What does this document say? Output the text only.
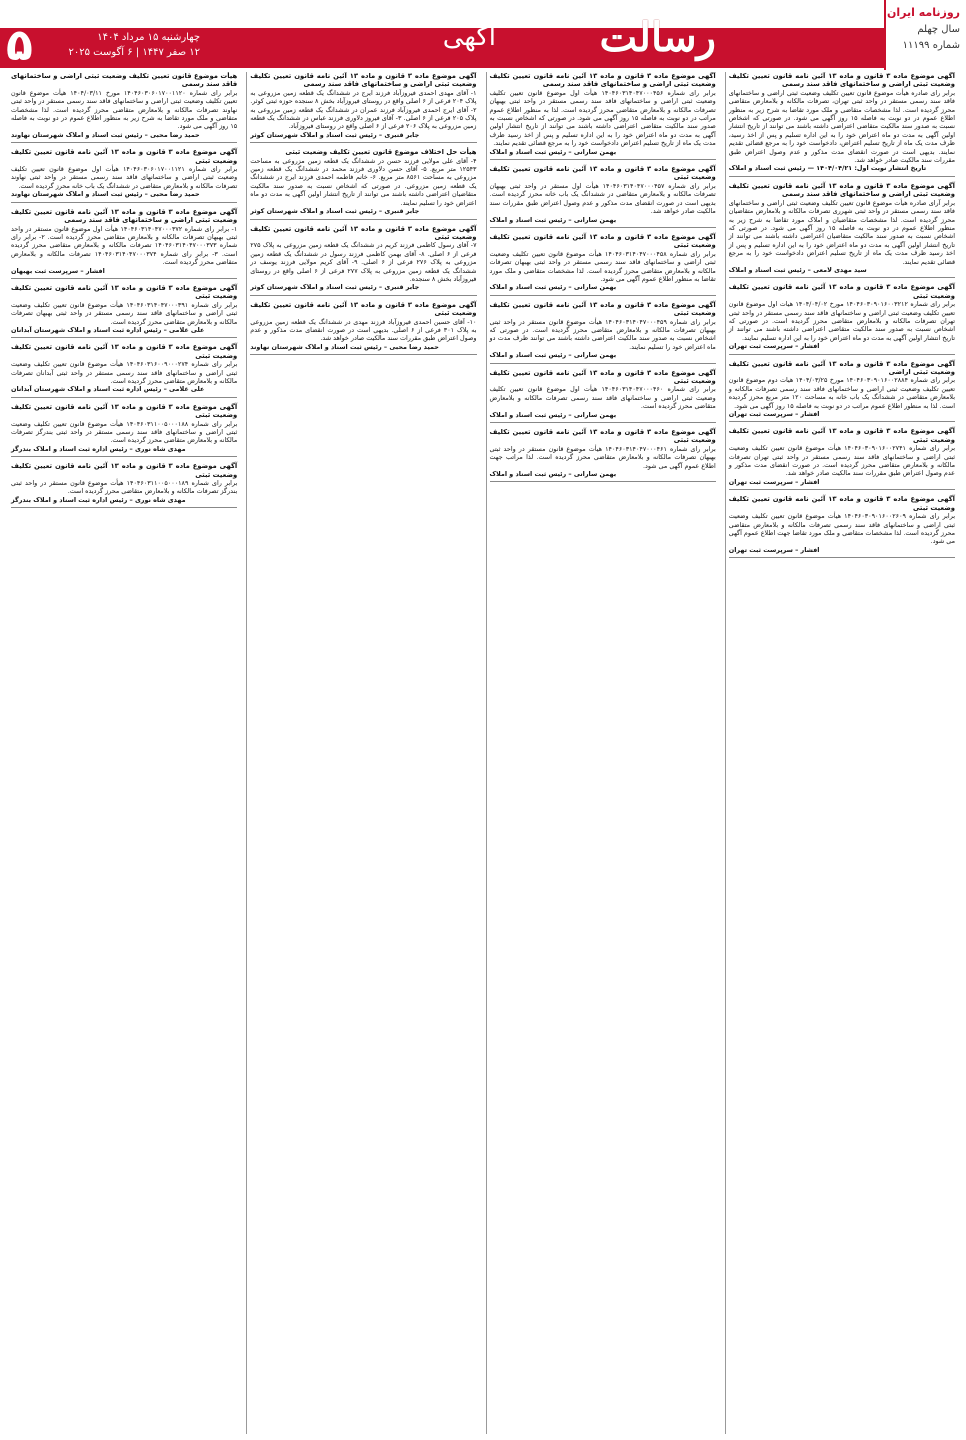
روزنامه ایران
سال چهلم
شماره ۱۱۱۹۹
رسالت
آگهی
چهارشنبه ۱۵ مرداد ۱۴۰۴
۱۲ صفر ۱۴۴۷ | ۶ آگوست ۲۰۲۵
۵
آگهی موضوع ماده ۳ قانون و ماده ۱۳ آئین نامه قانون تعیین تکلیف وضعیت ثبتی اراضی و ساختمانهای فاقد سند رسمی
برابر رای صادره هیأت موضوع قانون تعیین تکلیف وضعیت ثبتی اراضی و ساختمانهای فاقد سند رسمی مستقر در واحد ثبتی تهران، تصرفات مالکانه و بلامعارض متقاضی محرز گردیده است. لذا مشخصات متقاضی و ملک مورد تقاضا به شرح زیر به منظور اطلاع عموم در دو نوبت به فاصله ۱۵ روز آگهی می شود. در صورتی که اشخاص نسبت به صدور سند مالکیت متقاضی اعتراضی داشته باشند می توانند از تاریخ انتشار اولین آگهی به مدت دو ماه اعتراض خود را به این اداره تسلیم و پس از اخذ رسید، ظرف مدت یک ماه از تاریخ تسلیم اعتراض، دادخواست خود را به مرجع قضائی تقدیم نمایند. بدیهی است در صورت انقضای مدت مذکور و عدم وصول اعتراض طبق مقررات سند مالکیت صادر خواهد شد.
تاریخ انتشار نوبت اول: ۱۴۰۴/۰۴/۲۱ — رئیس ثبت اسناد و املاک
آگهی موضوع ماده ۳ قانون و ماده ۱۳ آئین نامه قانون تعیین تکلیف وضعیت ثبتی اراضی و ساختمانهای فاقد سند رسمی
برابر آرای صادره هیأت موضوع قانون تعیین تکلیف وضعیت ثبتی اراضی و ساختمانهای فاقد سند رسمی مستقر در واحد ثبتی شهرری تصرفات مالکانه و بلامعارض متقاضیان محرز گردیده است. لذا مشخصات متقاضیان و املاک مورد تقاضا به شرح زیر به منظور اطلاع عموم در دو نوبت به فاصله ۱۵ روز آگهی می شود. در صورتی که اشخاص نسبت به صدور سند مالکیت متقاضیان اعتراضی داشته باشند می توانند از تاریخ انتشار اولین آگهی به مدت دو ماه اعتراض خود را به این اداره تسلیم و پس از اخذ رسید ظرف مدت یک ماه از تاریخ تسلیم اعتراض دادخواست خود را به مرجع قضائی تقدیم نمایند.
سید مهدی لامعی – رئیس ثبت اسناد و املاک
آگهی موضوع ماده ۳ قانون و ماده ۱۳ آئین نامه قانون تعیین تکلیف وضعیت ثبتی
برابر رای شماره ۱۴۰۴۶۰۳۰۹۰۱۶۰۰۳۲۱۲ مورخ ۱۴۰۴/۰۴/۰۲ هیات اول موضوع قانون تعیین تکلیف وضعیت ثبتی اراضی و ساختمانهای فاقد سند رسمی مستقر در واحد ثبتی تهران تصرفات مالکانه و بلامعارض متقاضی محرز گردیده است. در صورتی که اشخاص نسبت به صدور سند مالکیت متقاضی اعتراضی داشته باشند می توانند از تاریخ انتشار اولین آگهی به مدت دو ماه اعتراض خود را به این اداره تسلیم نمایند.
افشار – سرپرست ثبت تهران
آگهی موضوع ماده ۳ قانون و ماده ۱۳ آئین نامه قانون تعیین تکلیف وضعیت ثبتی اراضی
برابر رای شماره ۱۴۰۴۶۰۳۰۹۰۱۶۰۰۲۸۸۴ مورخ ۱۴۰۴/۰۳/۲۵ هیات دوم موضوع قانون تعیین تکلیف وضعیت ثبتی اراضی و ساختمانهای فاقد سند رسمی تصرفات مالکانه و بلامعارض متقاضی در ششدانگ یک باب خانه به مساحت ۱۲۰ متر مربع محرز گردیده است. لذا به منظور اطلاع عموم مراتب در دو نوبت به فاصله ۱۵ روز آگهی می شود.
افشار – سرپرست ثبت تهران
آگهی موضوع ماده ۳ قانون و ماده ۱۳ آئین نامه قانون تعیین تکلیف وضعیت ثبتی
برابر رای شماره ۱۴۰۴۶۰۳۰۹۰۱۶۰۰۲۷۴۱ هیأت موضوع قانون تعیین تکلیف وضعیت ثبتی اراضی و ساختمانهای فاقد سند رسمی مستقر در واحد ثبتی تهران تصرفات مالکانه و بلامعارض متقاضی محرز گردیده است. در صورت انقضای مدت مذکور و عدم وصول اعتراض طبق مقررات سند مالکیت صادر خواهد شد.
افشار – سرپرست ثبت تهران
آگهی موضوع ماده ۳ قانون و ماده ۱۳ آئین نامه قانون تعیین تکلیف وضعیت ثبتی
برابر رای شماره ۱۴۰۴۶۰۳۰۹۰۱۶۰۰۲۶۰۹ هیأت موضوع قانون تعیین تکلیف وضعیت ثبتی اراضی و ساختمانهای فاقد سند رسمی تصرفات مالکانه و بلامعارض متقاضی محرز گردیده است. لذا مشخصات متقاضی و ملک مورد تقاضا جهت اطلاع عموم آگهی می شود.
افشار – سرپرست ثبت تهران
آگهی موضوع ماده ۳ قانون و ماده ۱۳ آئین نامه قانون تعیین تکلیف وضعیت ثبتی اراضی و ساختمانهای فاقد سند رسمی
برابر رای شماره ۱۴۰۴۶۰۳۱۴۰۴۷۰۰۰۴۵۶ هیأت اول موضوع قانون تعیین تکلیف وضعیت ثبتی اراضی و ساختمانهای فاقد سند رسمی مستقر در واحد ثبتی بهبهان تصرفات مالکانه و بلامعارض متقاضی محرز گردیده است. لذا به منظور اطلاع عموم مراتب در دو نوبت به فاصله ۱۵ روز آگهی می شود. در صورتی که اشخاص نسبت به صدور سند مالکیت متقاضی اعتراضی داشته باشند می توانند از تاریخ انتشار اولین آگهی به مدت دو ماه اعتراض خود را به این اداره تسلیم و پس از اخذ رسید ظرف مدت یک ماه از تاریخ تسلیم اعتراض دادخواست خود را به مرجع قضائی تقدیم نمایند.
بهمن سارانی – رئیس ثبت اسناد و املاک
آگهی موضوع ماده ۳ قانون و ماده ۱۳ آئین نامه قانون تعیین تکلیف وضعیت ثبتی
برابر رای شماره ۱۴۰۴۶۰۳۱۴۰۴۷۰۰۰۴۵۷ هیأت اول مستقر در واحد ثبتی بهبهان تصرفات مالکانه و بلامعارض متقاضی در ششدانگ یک باب خانه محرز گردیده است. بدیهی است در صورت انقضای مدت مذکور و عدم وصول اعتراض طبق مقررات سند مالکیت صادر خواهد شد.
بهمن سارانی – رئیس ثبت اسناد و املاک
آگهی موضوع ماده ۳ قانون و ماده ۱۳ آئین نامه قانون تعیین تکلیف وضعیت ثبتی
برابر رای شماره ۱۴۰۴۶۰۳۱۴۰۴۷۰۰۰۴۵۸ هیأت موضوع قانون تعیین تکلیف وضعیت ثبتی اراضی و ساختمانهای فاقد سند رسمی مستقر در واحد ثبتی بهبهان تصرفات مالکانه و بلامعارض متقاضی محرز گردیده است. لذا مشخصات متقاضی و ملک مورد تقاضا به منظور اطلاع عموم آگهی می شود.
بهمن سارانی – رئیس ثبت اسناد و املاک
آگهی موضوع ماده ۳ قانون و ماده ۱۳ آئین نامه قانون تعیین تکلیف وضعیت ثبتی
برابر رای شماره ۱۴۰۴۶۰۳۱۴۰۴۷۰۰۰۴۵۹ هیأت موضوع قانون مستقر در واحد ثبتی بهبهان تصرفات مالکانه و بلامعارض متقاضی محرز گردیده است. در صورتی که اشخاص نسبت به صدور سند مالکیت اعتراضی داشته باشند می توانند ظرف مدت دو ماه اعتراض خود را تسلیم نمایند.
بهمن سارانی – رئیس ثبت اسناد و املاک
آگهی موضوع ماده ۳ قانون و ماده ۱۳ آئین نامه قانون تعیین تکلیف وضعیت ثبتی
برابر رای شماره ۱۴۰۴۶۰۳۱۴۰۴۷۰۰۰۴۶۰ هیأت اول موضوع قانون تعیین تکلیف وضعیت ثبتی اراضی و ساختمانهای فاقد سند رسمی تصرفات مالکانه و بلامعارض متقاضی محرز گردیده است.
بهمن سارانی – رئیس ثبت اسناد و املاک
آگهی موضوع ماده ۳ قانون و ماده ۱۳ آئین نامه قانون تعیین تکلیف وضعیت ثبتی
برابر رای شماره ۱۴۰۴۶۰۳۱۴۰۴۷۰۰۰۴۶۱ هیأت موضوع قانون مستقر در واحد ثبتی بهبهان تصرفات مالکانه و بلامعارض متقاضی محرز گردیده است. لذا مراتب جهت اطلاع عموم آگهی می شود.
بهمن سارانی – رئیس ثبت اسناد و املاک
آگهی موضوع ماده ۳ قانون و ماده ۱۳ آئین نامه قانون تعیین تکلیف وضعیت ثبتی اراضی و ساختمانهای فاقد سند رسمی
۱- آقای مهدی احمدی فیروزآباد فرزند ایرج در ششدانگ یک قطعه زمین مزروعی به پلاک ۲۰۴ فرعی از ۶ اصلی واقع در روستای فیروزآباد بخش ۸ سنجده حوزه ثبتی کوثر. ۲- آقای ایرج احمدی فیروزآباد فرزند عمران در ششدانگ یک قطعه زمین مزروعی به پلاک ۲۰۵ فرعی از ۶ اصلی. ۳- آقای فیروز دلاوری فرزند عباس در ششدانگ یک قطعه زمین مزروعی به پلاک ۲۰۶ فرعی از ۶ اصلی واقع در روستای فیروزآباد.
جابر قنبری – رئیس ثبت اسناد و املاک شهرستان کوثر
هیأت حل اختلاف موضوع قانون تعیین تکلیف وضعیت ثبتی
۴- آقای علی مولایی فرزند حسن در ششدانگ یک قطعه زمین مزروعی به مساحت ۱۲۵۴۳ متر مربع. ۵- آقای حسن دلاوری فرزند محمد در ششدانگ یک قطعه زمین مزروعی به مساحت ۸۵۶۱ متر مربع. ۶- خانم فاطمه احمدی فرزند ایرج در ششدانگ یک قطعه زمین مزروعی. در صورتی که اشخاص نسبت به صدور سند مالکیت متقاضیان اعتراضی داشته باشند می توانند از تاریخ انتشار اولین آگهی به مدت دو ماه اعتراض خود را تسلیم نمایند.
جابر قنبری – رئیس ثبت اسناد و املاک شهرستان کوثر
آگهی موضوع ماده ۳ قانون و ماده ۱۳ آئین نامه قانون تعیین تکلیف وضعیت ثبتی
۷- آقای رسول کاظمی فرزند کریم در ششدانگ یک قطعه زمین مزروعی به پلاک ۲۷۵ فرعی از ۶ اصلی. ۸- آقای بهمن کاظمی فرزند رسول در ششدانگ یک قطعه زمین مزروعی به پلاک ۲۷۶ فرعی از ۶ اصلی. ۹- آقای کریم مولایی فرزند یوسف در ششدانگ یک قطعه زمین مزروعی به پلاک ۲۷۷ فرعی از ۶ اصلی واقع در روستای فیروزآباد بخش ۸ سنجده.
جابر قنبری – رئیس ثبت اسناد و املاک شهرستان کوثر
آگهی موضوع ماده ۳ قانون و ماده ۱۳ آئین نامه قانون تعیین تکلیف وضعیت ثبتی
۱۰- آقای حسین احمدی فیروزآباد فرزند مهدی در ششدانگ یک قطعه زمین مزروعی به پلاک ۳۰۱ فرعی از ۶ اصلی. بدیهی است در صورت انقضای مدت مذکور و عدم وصول اعتراض طبق مقررات سند مالکیت صادر خواهد شد.
حمید رضا محبی – رئیس ثبت اسناد و املاک شهرستان نهاوند
هیأت موضوع قانون تعیین تکلیف وضعیت ثبتی اراضی و ساختمانهای فاقد سند رسمی
برابر رای شماره ۱۴۰۴۶۰۳۰۶۰۱۷۰۰۱۱۲۰ مورخ ۱۴۰۴/۰۳/۱۱ هیأت موضوع قانون تعیین تکلیف وضعیت ثبتی اراضی و ساختمانهای فاقد سند رسمی مستقر در واحد ثبتی نهاوند تصرفات مالکانه و بلامعارض متقاضی محرز گردیده است. لذا مشخصات متقاضی و ملک مورد تقاضا به شرح زیر به منظور اطلاع عموم در دو نوبت به فاصله ۱۵ روز آگهی می شود.
حمید رضا محبی – رئیس ثبت اسناد و املاک شهرستان نهاوند
آگهی موضوع ماده ۳ قانون و ماده ۱۳ آئین نامه قانون تعیین تکلیف وضعیت ثبتی
برابر رای شماره ۱۴۰۴۶۰۳۰۶۰۱۷۰۰۱۱۲۱ هیأت اول موضوع قانون تعیین تکلیف وضعیت ثبتی اراضی و ساختمانهای فاقد سند رسمی مستقر در واحد ثبتی نهاوند تصرفات مالکانه و بلامعارض متقاضی در ششدانگ یک باب خانه محرز گردیده است.
حمید رضا محبی – رئیس ثبت اسناد و املاک شهرستان نهاوند
آگهی موضوع ماده ۳ قانون و ماده ۱۳ آئین نامه قانون تعیین تکلیف وضعیت ثبتی اراضی و ساختمانهای فاقد سند رسمی
۱- برابر رای شماره ۱۴۰۴۶۰۳۱۴۰۴۷۰۰۰۳۷۲ هیأت اول موضوع قانون مستقر در واحد ثبتی بهبهان تصرفات مالکانه و بلامعارض متقاضی محرز گردیده است. ۲- برابر رای شماره ۱۴۰۴۶۰۳۱۴۰۴۷۰۰۰۳۷۳ تصرفات مالکانه و بلامعارض متقاضی محرز گردیده است. ۳- برابر رای شماره ۱۴۰۴۶۰۳۱۴۰۴۷۰۰۰۳۷۴ تصرفات مالکانه و بلامعارض متقاضی محرز گردیده است.
افشار – سرپرست ثبت بهبهان
آگهی موضوع ماده ۳ قانون و ماده ۱۳ آئین نامه قانون تعیین تکلیف وضعیت ثبتی
برابر رای شماره ۱۴۰۴۶۰۳۱۴۰۴۷۰۰۰۳۹۱ هیأت موضوع قانون تعیین تکلیف وضعیت ثبتی اراضی و ساختمانهای فاقد سند رسمی مستقر در واحد ثبتی بهبهان تصرفات مالکانه و بلامعارض متقاضی محرز گردیده است.
علی غلامی – رئیس اداره ثبت اسناد و املاک شهرستان آبدانان
آگهی موضوع ماده ۳ قانون و ماده ۱۳ آئین نامه قانون تعیین تکلیف وضعیت ثبتی
برابر رای شماره ۱۴۰۴۶۰۳۱۶۰۰۹۰۰۰۲۷۴ هیأت موضوع قانون تعیین تکلیف وضعیت ثبتی اراضی و ساختمانهای فاقد سند رسمی مستقر در واحد ثبتی آبدانان تصرفات مالکانه و بلامعارض متقاضی محرز گردیده است.
علی غلامی – رئیس اداره ثبت اسناد و املاک شهرستان آبدانان
آگهی موضوع ماده ۳ قانون و ماده ۱۳ آئین نامه قانون تعیین تکلیف وضعیت ثبتی
برابر رای شماره ۱۴۰۴۶۰۳۱۱۰۰۵۰۰۰۱۸۸ هیأت موضوع قانون تعیین تکلیف وضعیت ثبتی اراضی و ساختمانهای فاقد سند رسمی مستقر در واحد ثبتی بندرگز تصرفات مالکانه و بلامعارض متقاضی محرز گردیده است.
مهدی شاه نوری – رئیس اداره ثبت اسناد و املاک بندرگز
آگهی موضوع ماده ۳ قانون و ماده ۱۳ آئین نامه قانون تعیین تکلیف وضعیت ثبتی
برابر رای شماره ۱۴۰۴۶۰۳۱۱۰۰۵۰۰۰۱۸۹ هیأت موضوع قانون مستقر در واحد ثبتی بندرگز تصرفات مالکانه و بلامعارض متقاضی محرز گردیده است.
مهدی شاه نوری – رئیس اداره ثبت اسناد و املاک بندرگز
